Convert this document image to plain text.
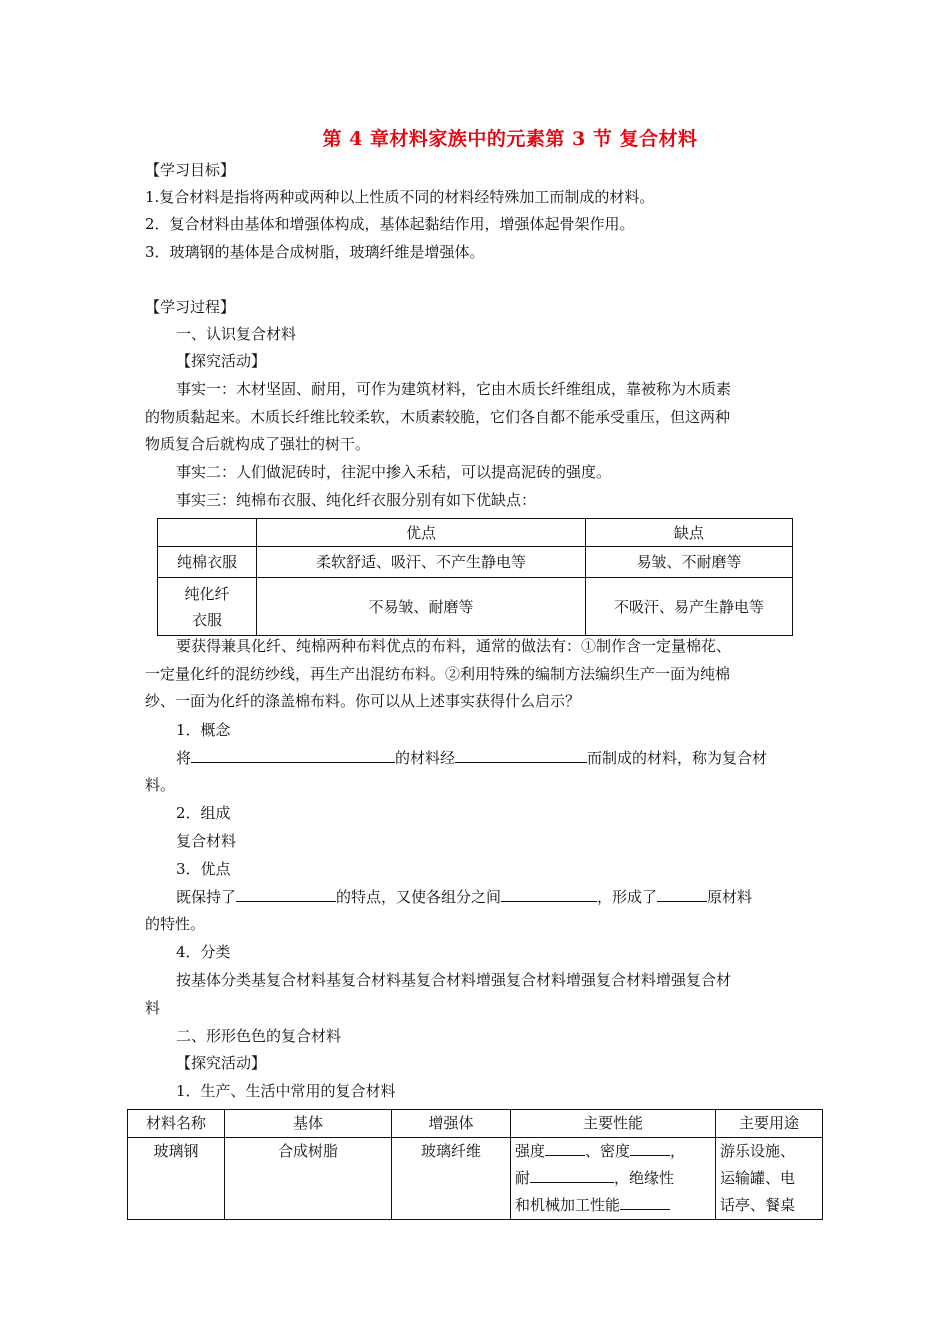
第 4 章材料家族中的元素第 3 节 复合材料
【学习目标】
1.复合材料是指将两种或两种以上性质不同的材料经特殊加工而制成的材料。
2．复合材料由基体和增强体构成，基体起黏结作用，增强体起骨架作用。
3．玻璃钢的基体是合成树脂，玻璃纤维是增强体。
【学习过程】
一、认识复合材料
【探究活动】
事实一：木材坚固、耐用，可作为建筑材料，它由木质长纤维组成，靠被称为木质素
的物质黏起来。木质长纤维比较柔软，木质素较脆，它们各自都不能承受重压，但这两种
物质复合后就构成了强壮的树干。
事实二：人们做泥砖时，往泥中掺入禾秸，可以提高泥砖的强度。
事实三：纯棉布衣服、纯化纤衣服分别有如下优缺点：
	优点	缺点
纯棉衣服	柔软舒适、吸汗、不产生静电等	易皱、不耐磨等
纯化纤
衣服	不易皱、耐磨等	不吸汗、易产生静电等
要获得兼具化纤、纯棉两种布料优点的布料，通常的做法有：①制作含一定量棉花、
一定量化纤的混纺纱线，再生产出混纺布料。②利用特殊的编制方法编织生产一面为纯棉
纱、一面为化纤的涤盖棉布料。你可以从上述事实获得什么启示？
1．概念
将	的材料经	而制成的材料，称为复合材
料。
2．组成
复合材料
3．优点
既保持了	的特点，又使各组分之间	，形成了	原材料
的特性。
4．分类
按基体分类基复合材料基复合材料基复合材料增强复合材料增强复合材料增强复合材
料
二、形形色色的复合材料
【探究活动】
1．生产、生活中常用的复合材料
材料名称	基体	增强体	主要性能	主要用途
玻璃钢	合成树脂	玻璃纤维	强度 、密度 ，
耐 ，绝缘性
和机械加工性能	游乐设施、
运输罐、电
话亭、餐桌
